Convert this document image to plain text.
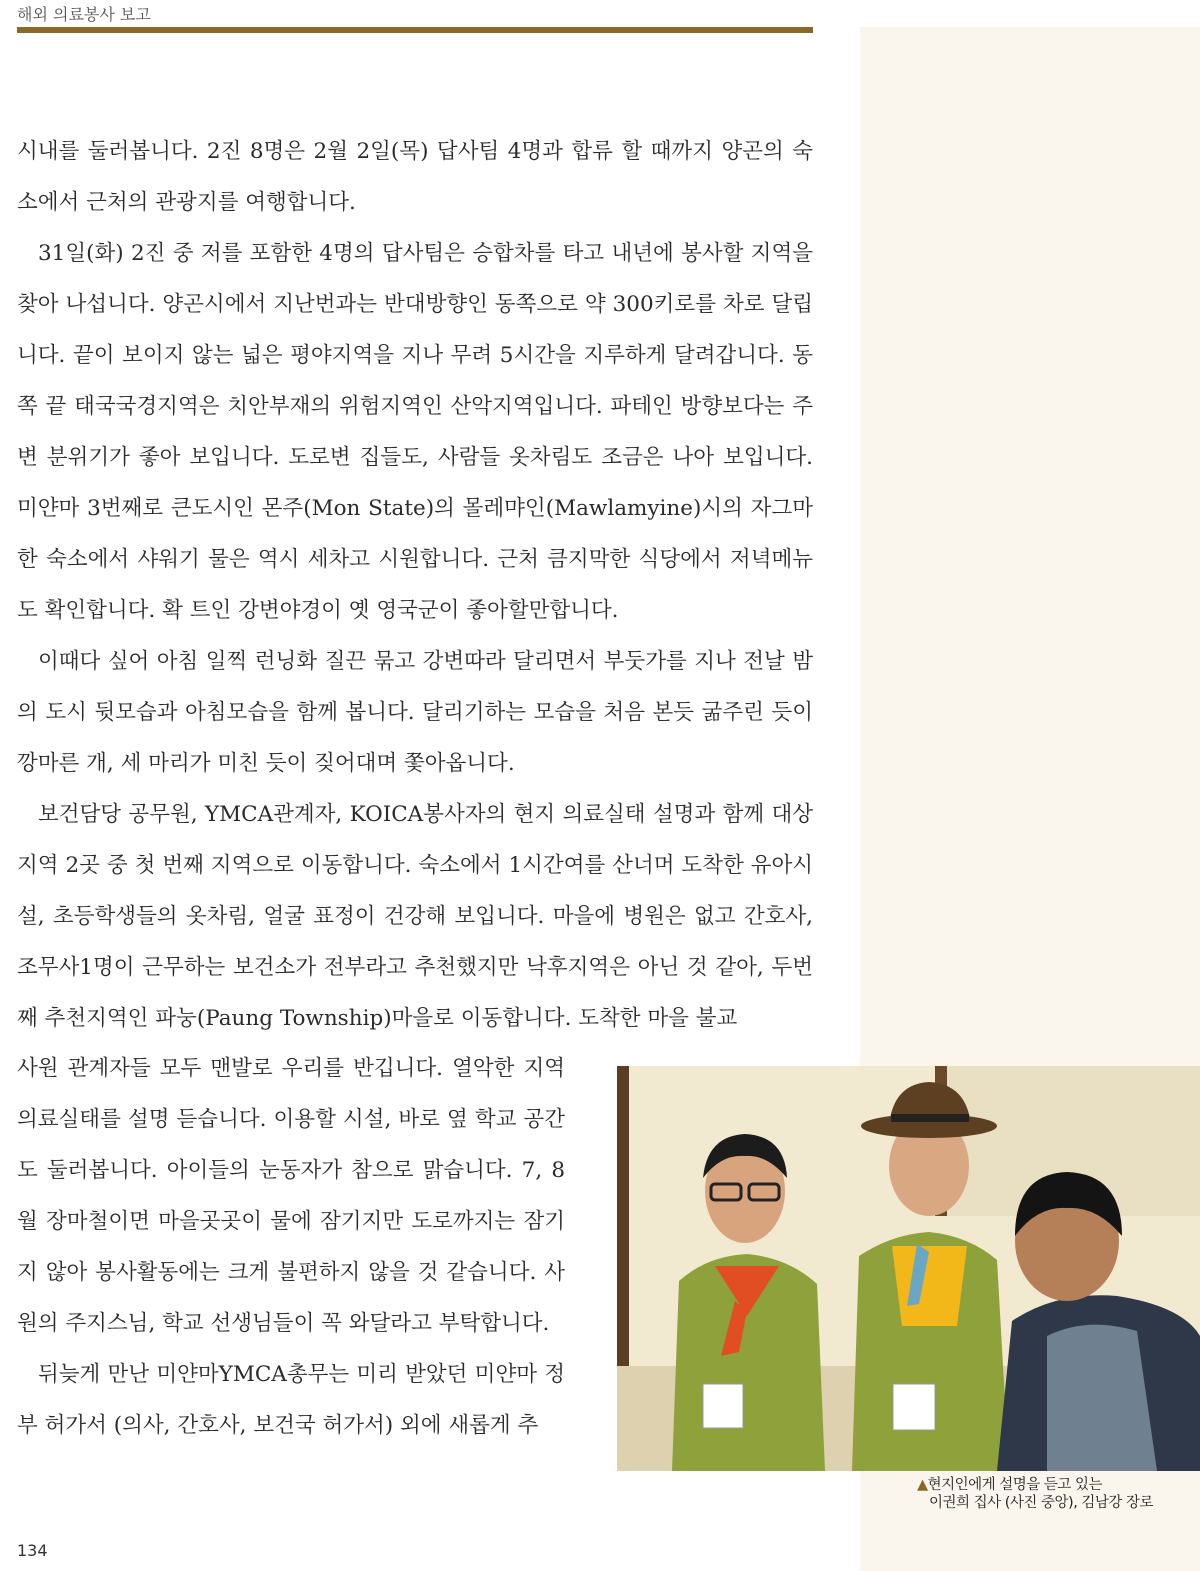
해외 의료봉사 보고

시내를 둘러봅니다. 2진 8명은 2월 2일(목) 답사팀 4명과 합류 할 때까지 양곤의 숙소에서 근처의 관광지를 여행합니다.

31일(화) 2진 중 저를 포함한 4명의 답사팀은 승합차를 타고 내년에 봉사할 지역을 찾아 나섭니다. 양곤시에서 지난번과는 반대방향인 동쪽으로 약 300키로를 차로 달립니다. 끝이 보이지 않는 넓은 평야지역을 지나 무려 5시간을 지루하게 달려갑니다. 동쪽 끝 태국국경지역은 치안부재의 위험지역인 산악지역입니다. 파테인 방향보다는 주변 분위기가 좋아 보입니다. 도로변 집들도, 사람들 옷차림도 조금은 나아 보입니다. 미얀마 3번째로 큰도시인 몬주(Mon State)의 몰레먀인(Mawlamyine)시의 자그마한 숙소에서 샤워기 물은 역시 세차고 시원합니다. 근처 큼지막한 식당에서 저녁메뉴도 확인합니다. 확 트인 강변야경이 옛 영국군이 좋아할만합니다.

이때다 싶어 아침 일찍 런닝화 질끈 묶고 강변따라 달리면서 부둣가를 지나 전날 밤의 도시 뒷모습과 아침모습을 함께 봅니다. 달리기하는 모습을 처음 본듯 굶주린 듯이 깡마른 개, 세 마리가 미친 듯이 짖어대며 쫓아옵니다.

보건담당 공무원, YMCA관계자, KOICA봉사자의 현지 의료실태 설명과 함께 대상지역 2곳 중 첫 번째 지역으로 이동합니다. 숙소에서 1시간여를 산너머 도착한 유아시설, 초등학생들의 옷차림, 얼굴 표정이 건강해 보입니다. 마을에 병원은 없고 간호사, 조무사1명이 근무하는 보건소가 전부라고 추천했지만 낙후지역은 아닌 것 같아, 두번째 추천지역인 파눙(Paung Township)마을로 이동합니다. 도착한 마을 불교

사원 관계자들 모두 맨발로 우리를 반깁니다. 열악한 지역 의료실태를 설명 듣습니다. 이용할 시설, 바로 옆 학교 공간도 둘러봅니다. 아이들의 눈동자가 참으로 맑습니다. 7, 8월 장마철이면 마을곳곳이 물에 잠기지만 도로까지는 잠기지 않아 봉사활동에는 크게 불편하지 않을 것 같습니다. 사원의 주지스님, 학교 선생님들이 꼭 와달라고 부탁합니다.

뒤늦게 만난 미얀마YMCA총무는 미리 받았던 미얀마 정부 허가서 (의사, 간호사, 보건국 허가서) 외에 새롭게 추

▲현지인에게 설명을 듣고 있는
이권희 집사 (사진 중앙), 김남강 장로
134
